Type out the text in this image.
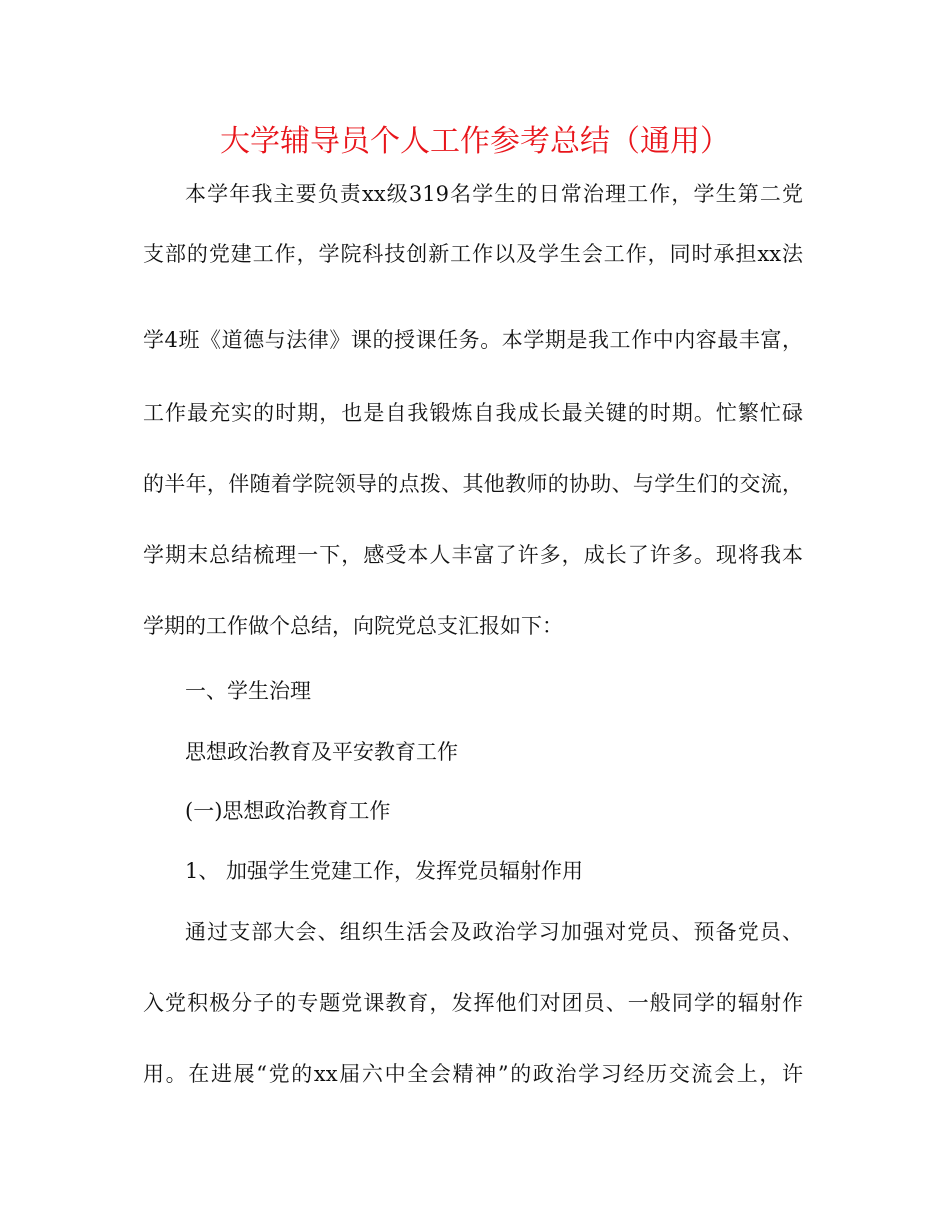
大学辅导员个人工作参考总结（通用）
本学年我主要负责xx级319名学生的日常治理工作，学生第二党
支部的党建工作，学院科技创新工作以及学生会工作，同时承担xx法
学4班《道德与法律》课的授课任务。本学期是我工作中内容最丰富，
工作最充实的时期，也是自我锻炼自我成长最关键的时期。忙繁忙碌
的半年，伴随着学院领导的点拨、其他教师的协助、与学生们的交流，
学期末总结梳理一下，感受本人丰富了许多，成长了许多。现将我本
学期的工作做个总结，向院党总支汇报如下：
一、学生治理
思想政治教育及平安教育工作
(一)思想政治教育工作
1、 加强学生党建工作，发挥党员辐射作用
通过支部大会、组织生活会及政治学习加强对党员、预备党员、
入党积极分子的专题党课教育，发挥他们对团员、一般同学的辐射作
用。在进展“党的xx届六中全会精神”的政治学习经历交流会上，许
